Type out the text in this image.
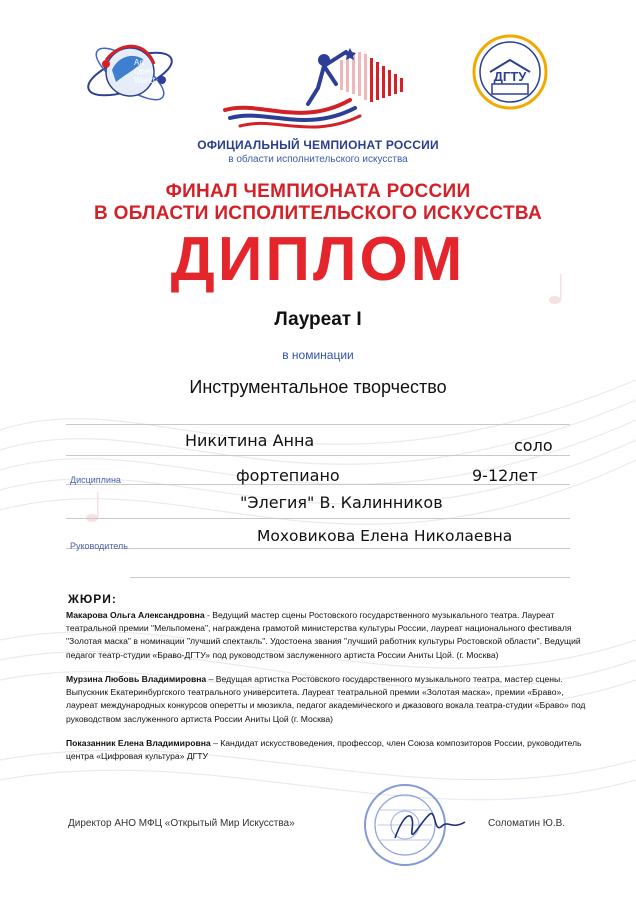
Art
Open
World	ДГТУ
ОФИЦИАЛЬНЫЙ ЧЕМПИОНАТ РОССИИ
в области исполнительского искусства
ФИНАЛ ЧЕМПИОНАТА РОССИИ
В ОБЛАСТИ ИСПОЛИТЕЛЬСКОГО ИСКУССТВА
ДИПЛОМ
Лауреат I
в номинации
Инструментальное творчество
Никитина Анна	соло
Дисциплина	фортепиано	9-12лет
"Элегия" В. Калинников
Руководитель
Моховикова Елена Николаевна
ЖЮРИ:
Макарова Ольга Александровна - Ведущий мастер сцены Ростовского государственного музыкального театра. Лауреат театральной премии "Мельпомена", награждена грамотой министерства культуры России, лауреат национального фестиваля "Золотая маска" в номинации "лучший спектакль". Удостоена звания "лучший работник культуры Ростовской области". Ведущий педагог театр-студии «Браво-ДГТУ» под руководством заслуженного артиста России Аниты Цой. (г. Москва)
Мурзина Любовь Владимировна – Ведущая артистка Ростовского государственного музыкального театра, мастер сцены. Выпускник Екатеринбургского театрального университета. Лауреат театральной премии «Золотая маска», премии «Браво», лауреат международных конкурсов оперетты и мюзикла, педагог академического и джазового вокала театра-студии «Браво» под руководством заслуженного артиста России Аниты Цой (г. Москва)
Показанник Елена Владимировна – Кандидат искусствоведения, профессор, член Союза композиторов России, руководитель центра «Цифровая культура» ДГТУ
Директор АНО МФЦ «Открытый Мир Искусства»	Соломатин Ю.В.
